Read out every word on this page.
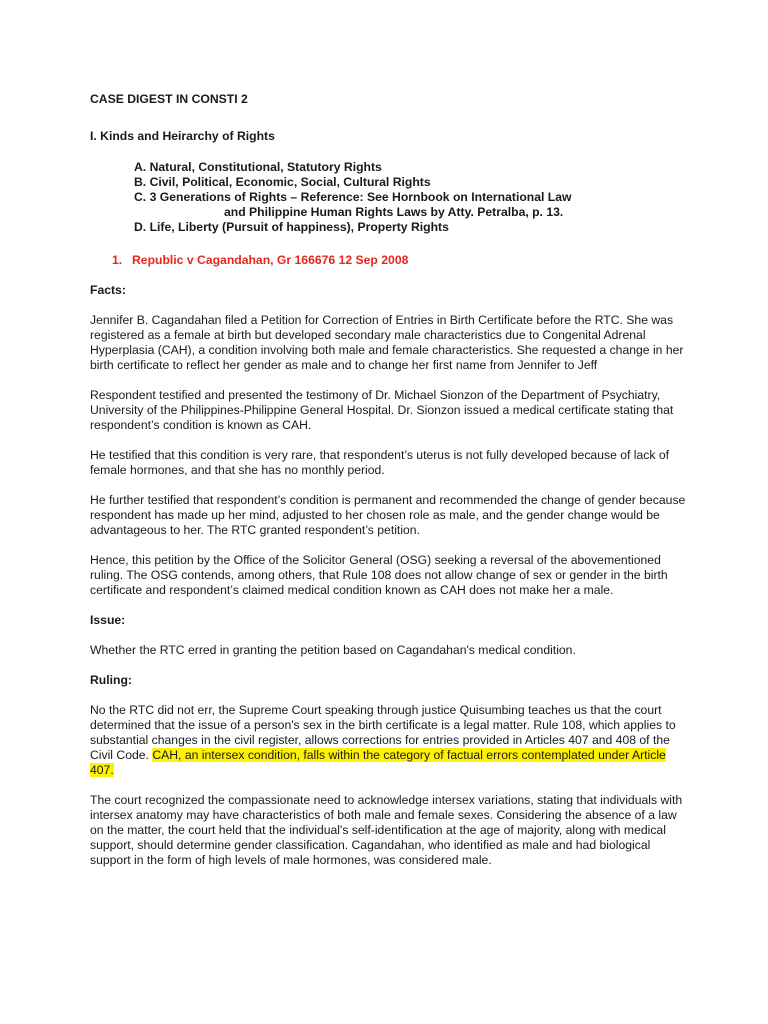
CASE DIGEST IN CONSTI 2
I. Kinds and Heirarchy of Rights
A. Natural, Constitutional, Statutory Rights
B. Civil, Political, Economic, Social, Cultural Rights
C. 3 Generations of Rights – Reference: See Hornbook on International Law
and Philippine Human Rights Laws by Atty. Petralba, p. 13.
D. Life, Liberty (Pursuit of happiness), Property Rights
1. Republic v Cagandahan, Gr 166676 12 Sep 2008
Facts:

Jennifer B. Cagandahan filed a Petition for Correction of Entries in Birth Certificate before the RTC. She was registered as a female at birth but developed secondary male characteristics due to Congenital Adrenal Hyperplasia (CAH), a condition involving both male and female characteristics. She requested a change in her birth certificate to reflect her gender as male and to change her first name from Jennifer to Jeff

Respondent testified and presented the testimony of Dr. Michael Sionzon of the Department of Psychiatry, University of the Philippines-Philippine General Hospital. Dr. Sionzon issued a medical certificate stating that respondent’s condition is known as CAH.

He testified that this condition is very rare, that respondent’s uterus is not fully developed because of lack of female hormones, and that she has no monthly period.

He further testified that respondent’s condition is permanent and recommended the change of gender because respondent has made up her mind, adjusted to her chosen role as male, and the gender change would be advantageous to her. The RTC granted respondent’s petition.

Hence, this petition by the Office of the Solicitor General (OSG) seeking a reversal of the abovementioned ruling. The OSG contends, among others, that Rule 108 does not allow change of sex or gender in the birth certificate and respondent’s claimed medical condition known as CAH does not make her a male.

Issue:

Whether the RTC erred in granting the petition based on Cagandahan's medical condition.

Ruling:

No the RTC did not err, the Supreme Court speaking through justice Quisumbing teaches us that the court determined that the issue of a person's sex in the birth certificate is a legal matter. Rule 108, which applies to substantial changes in the civil register, allows corrections for entries provided in Articles 407 and 408 of the Civil Code. CAH, an intersex condition, falls within the category of factual errors contemplated under Article 407.

The court recognized the compassionate need to acknowledge intersex variations, stating that individuals with intersex anatomy may have characteristics of both male and female sexes. Considering the absence of a law on the matter, the court held that the individual's self-identification at the age of majority, along with medical support, should determine gender classification. Cagandahan, who identified as male and had biological support in the form of high levels of male hormones, was considered male.
